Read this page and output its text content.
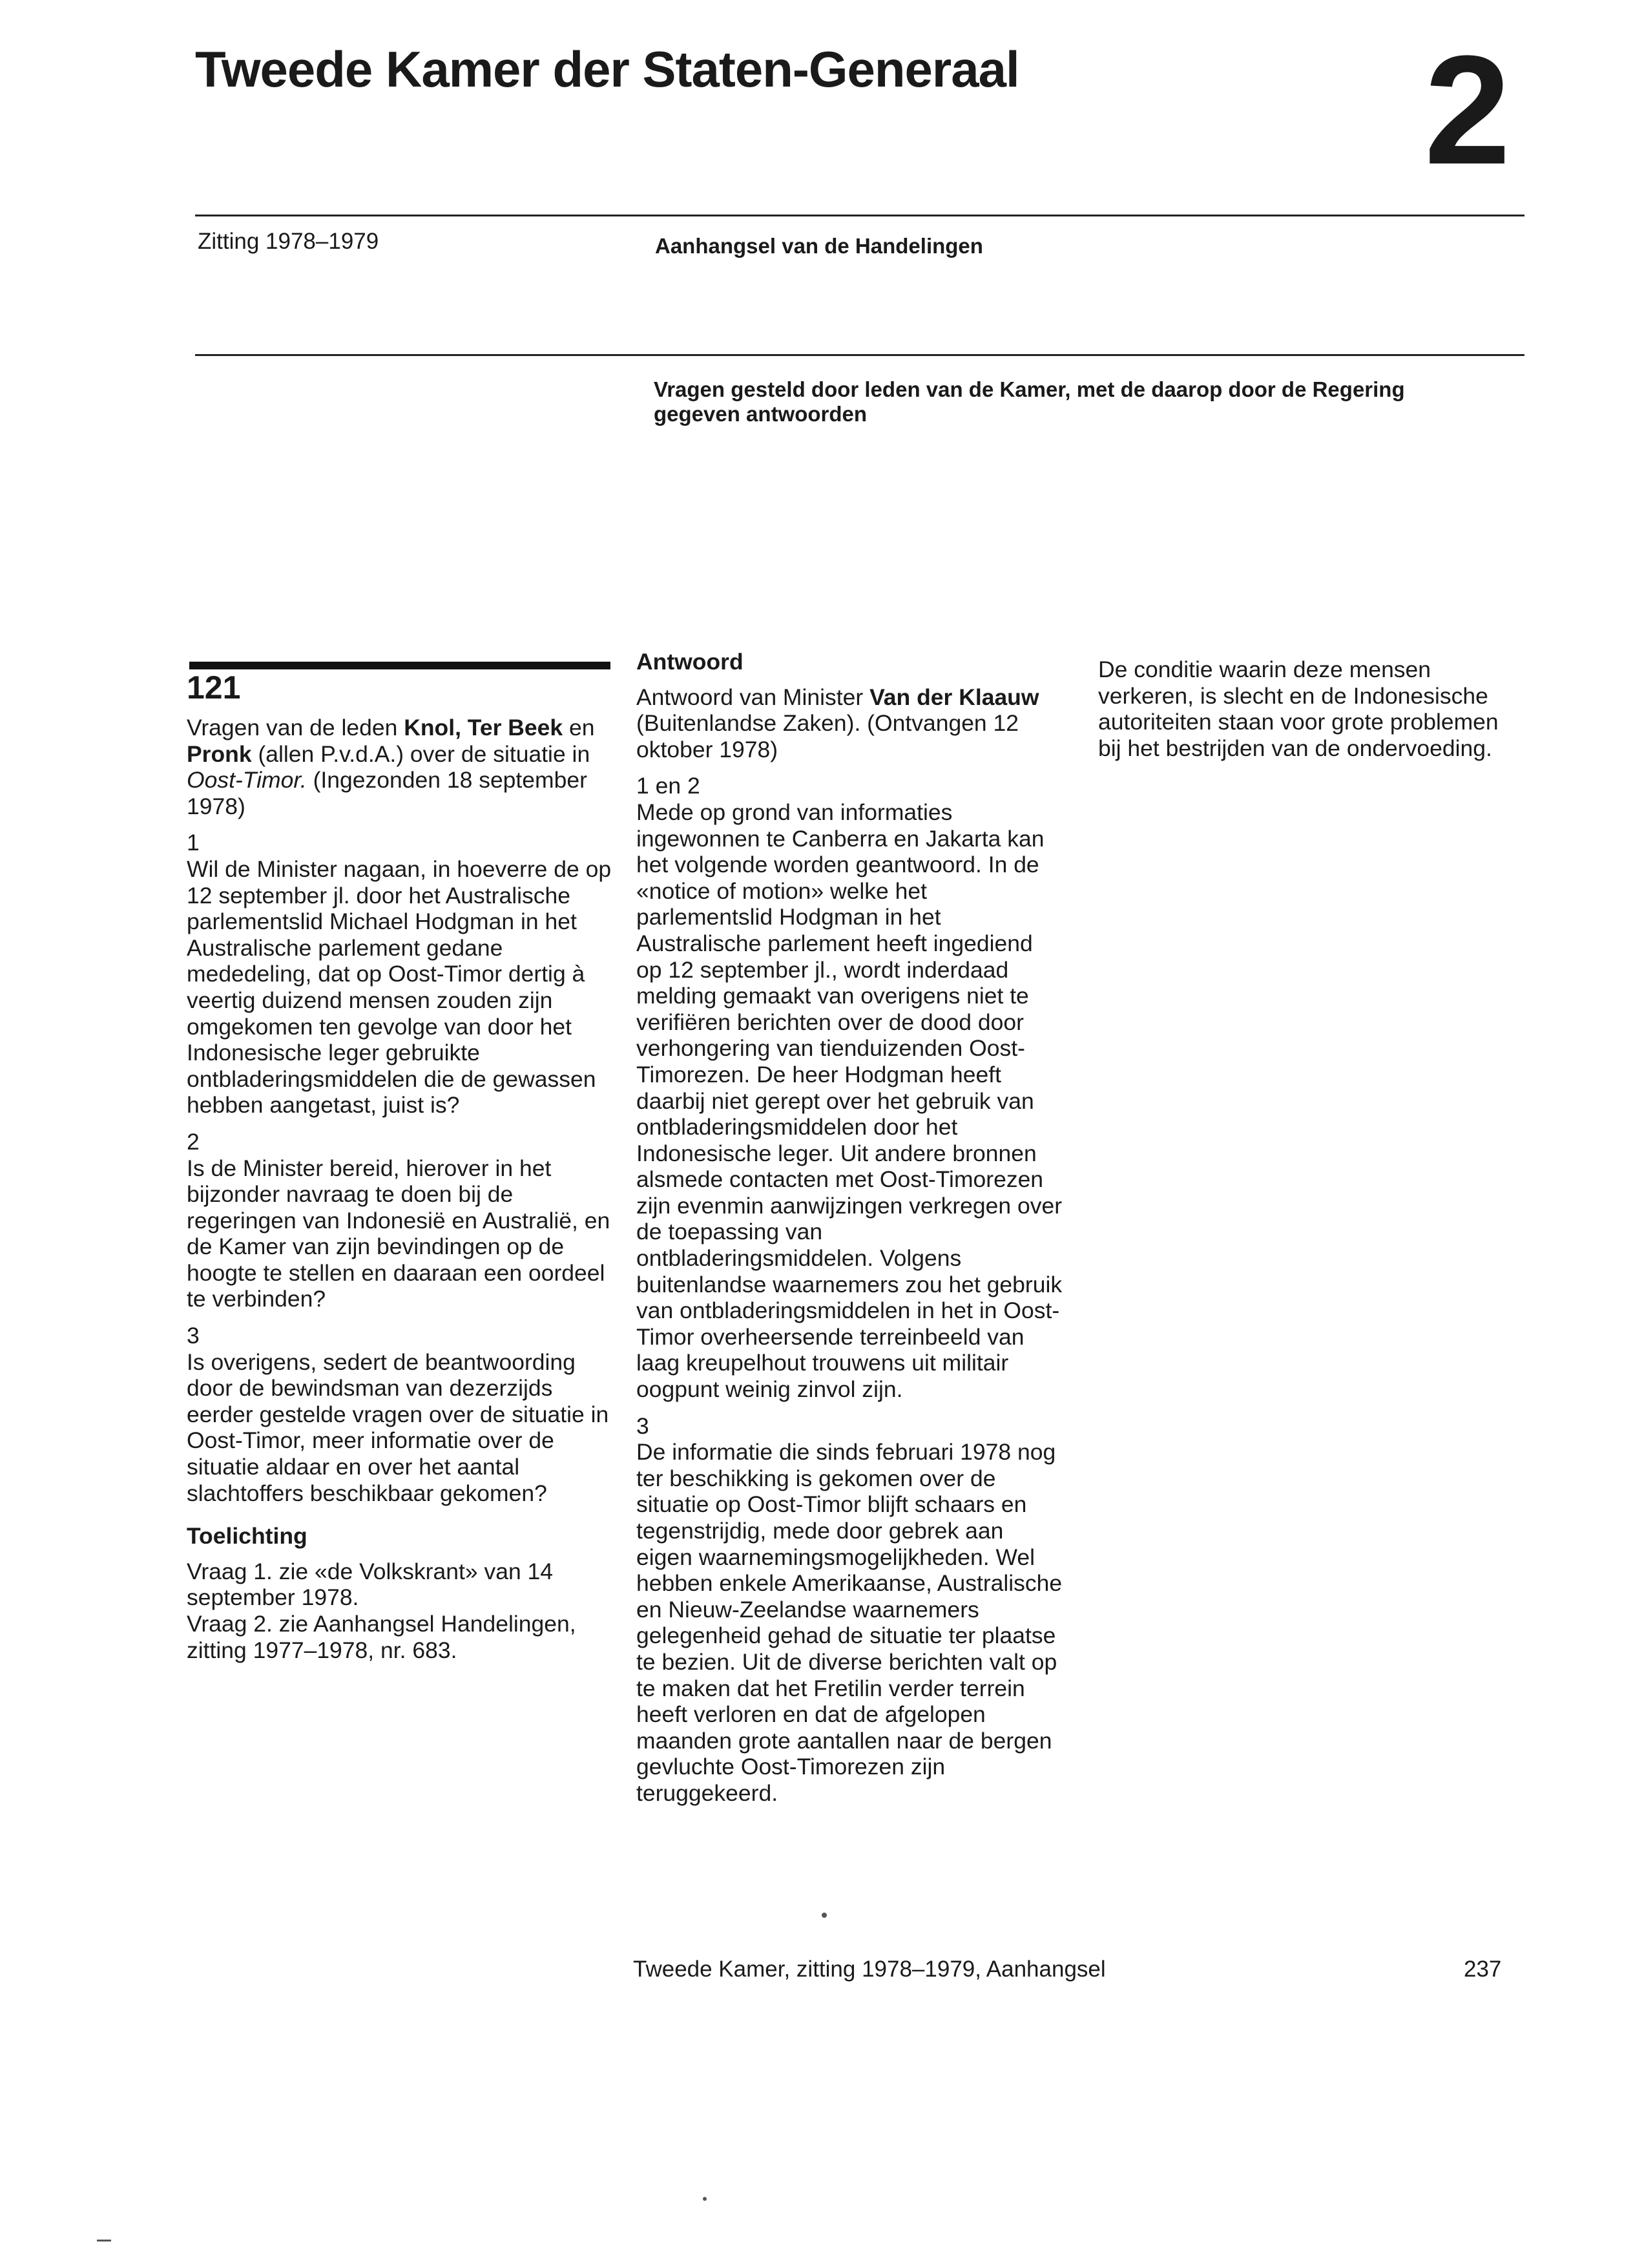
Tweede Kamer der Staten-Generaal	2
Zitting 1978–1979	Aanhangsel van de Handelingen
Vragen gesteld door leden van de Kamer, met de daarop door de Regering gegeven antwoorden
121

Vragen van de leden Knol, Ter Beek en Pronk (allen P.v.d.A.) over de situatie in Oost-Timor. (Ingezonden 18 september 1978)

1

Wil de Minister nagaan, in hoeverre de op 12 september jl. door het Australische parlementslid Michael Hodgman in het Australische parlement gedane mededeling, dat op Oost-Timor dertig à veertig duizend mensen zouden zijn omgekomen ten gevolge van door het Indonesische leger gebruikte ontbladeringsmiddelen die de gewassen hebben aangetast, juist is?

2

Is de Minister bereid, hierover in het bijzonder navraag te doen bij de regeringen van Indonesië en Australië, en de Kamer van zijn bevindingen op de hoogte te stellen en daaraan een oordeel te verbinden?

3

Is overigens, sedert de beantwoording door de bewindsman van dezerzijds eerder gestelde vragen over de situatie in Oost-Timor, meer informatie over de situatie aldaar en over het aantal slachtoffers beschikbaar gekomen?

Toelichting

Vraag 1. zie «de Volkskrant» van 14 september 1978.

Vraag 2. zie Aanhangsel Handelingen, zitting 1977–1978, nr. 683.

Antwoord

Antwoord van Minister Van der Klaauw (Buitenlandse Zaken). (Ontvangen 12 oktober 1978)

1 en 2

Mede op grond van informaties ingewonnen te Canberra en Jakarta kan het volgende worden geantwoord. In de «notice of motion» welke het parlementslid Hodgman in het Australische parlement heeft ingediend op 12 september jl., wordt inderdaad melding gemaakt van overigens niet te verifiëren berichten over de dood door verhongering van tienduizenden Oost-Timorezen. De heer Hodgman heeft daarbij niet gerept over het gebruik van ontbladeringsmiddelen door het Indonesische leger. Uit andere bronnen alsmede contacten met Oost-Timorezen zijn evenmin aanwijzingen verkregen over de toepassing van ontbladeringsmiddelen. Volgens buitenlandse waarnemers zou het gebruik van ontbladeringsmiddelen in het in Oost-Timor overheersende terreinbeeld van laag kreupelhout trouwens uit militair oogpunt weinig zinvol zijn.

3

De informatie die sinds februari 1978 nog ter beschikking is gekomen over de situatie op Oost-Timor blijft schaars en tegenstrijdig, mede door gebrek aan eigen waarnemingsmogelijkheden. Wel hebben enkele Amerikaanse, Australische en Nieuw-Zeelandse waarnemers gelegenheid gehad de situatie ter plaatse te bezien. Uit de diverse berichten valt op te maken dat het Fretilin verder terrein heeft verloren en dat de afgelopen maanden grote aantallen naar de bergen gevluchte Oost-Timorezen zijn teruggekeerd.

De conditie waarin deze mensen verkeren, is slecht en de Indonesische autoriteiten staan voor grote problemen bij het bestrijden van de ondervoeding.

Tweede Kamer, zitting 1978–1979, Aanhangsel	237
